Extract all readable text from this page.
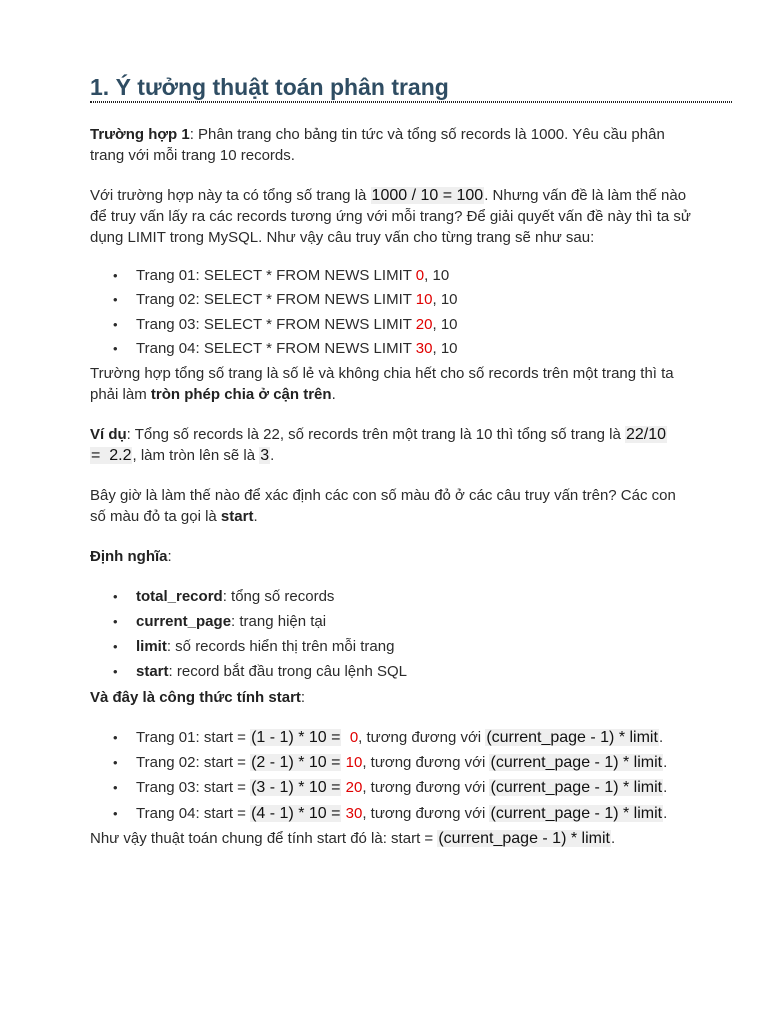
1. Ý tưởng thuật toán phân trang

Trường hợp 1: Phân trang cho bảng tin tức và tổng số records là 1000. Yêu cầu phân
trang với mỗi trang 10 records.

Với trường hợp này ta có tổng số trang là 1000 / 10 = 100. Nhưng vấn đề là làm thế nào
để truy vấn lấy ra các records tương ứng với mỗi trang? Để giải quyết vấn đề này thì ta sử
dụng LIMIT trong MySQL. Như vậy câu truy vấn cho từng trang sẽ như sau:

• Trang 01: SELECT * FROM NEWS LIMIT 0, 10

• Trang 02: SELECT * FROM NEWS LIMIT 10, 10

• Trang 03: SELECT * FROM NEWS LIMIT 20, 10

• Trang 04: SELECT * FROM NEWS LIMIT 30, 10

Trường hợp tổng số trang là số lẻ và không chia hết cho số records trên một trang thì ta
phải làm tròn phép chia ở cận trên.

Ví dụ: Tổng số records là 22, số records trên một trang là 10 thì tổng số trang là 22/10
=  2.2, làm tròn lên sẽ là 3.

Bây giờ là làm thế nào để xác định các con số màu đỏ ở các câu truy vấn trên? Các con
số màu đỏ ta gọi là start.

Định nghĩa:

• total_record: tổng số records

• current_page: trang hiện tại

• limit: số records hiển thị trên mỗi trang

• start: record bắt đầu trong câu lệnh SQL

Và đây là công thức tính start:

• Trang 01: start = (1 - 1) * 10 = 0, tương đương với (current_page - 1) * limit.

• Trang 02: start = (2 - 1) * 10 = 10, tương đương với (current_page - 1) * limit.

• Trang 03: start = (3 - 1) * 10 = 20, tương đương với (current_page - 1) * limit.

• Trang 04: start = (4 - 1) * 10 = 30, tương đương với (current_page - 1) * limit.

Như vậy thuật toán chung để tính start đó là: start = (current_page - 1) * limit.
